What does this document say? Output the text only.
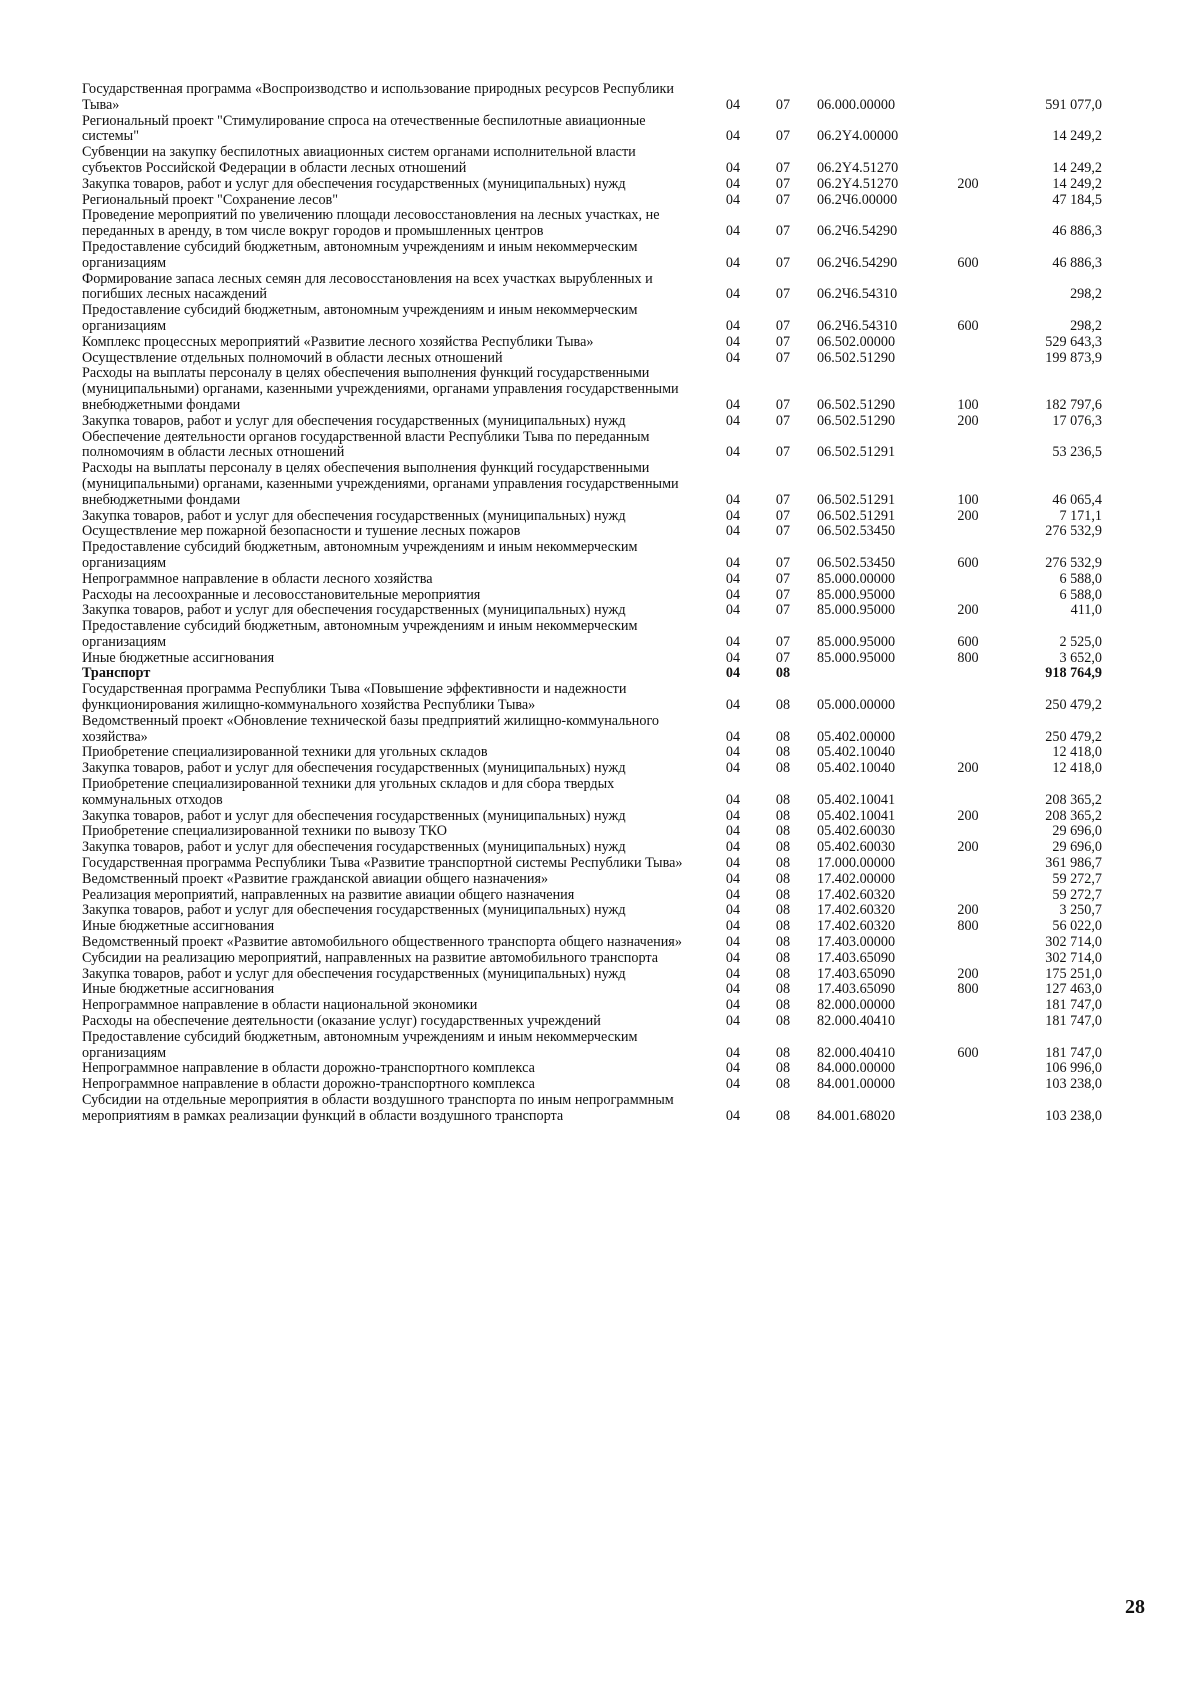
Государственная программа «Воспроизводство и использование природных ресурсов Республики Тыва»	04	07	06.000.00000		591 077,0
Региональный проект "Стимулирование спроса на отечественные беспилотные авиационные системы"	04	07	06.2Y4.00000		14 249,2
Субвенции на закупку беспилотных авиационных систем органами исполнительной власти субъектов Российской Федерации в области лесных отношений	04	07	06.2Y4.51270		14 249,2
Закупка товаров, работ и услуг для обеспечения государственных (муниципальных) нужд	04	07	06.2Y4.51270	200	14 249,2
Региональный проект "Сохранение лесов"	04	07	06.2Ч6.00000		47 184,5
Проведение мероприятий по увеличению площади лесовосстановления на лесных участках, не переданных в аренду, в том числе вокруг городов и промышленных центров	04	07	06.2Ч6.54290		46 886,3
Предоставление субсидий бюджетным, автономным учреждениям и иным некоммерческим организациям	04	07	06.2Ч6.54290	600	46 886,3
Формирование запаса лесных семян для лесовосстановления на всех участках вырубленных и погибших лесных насаждений	04	07	06.2Ч6.54310		298,2
Предоставление субсидий бюджетным, автономным учреждениям и иным некоммерческим организациям	04	07	06.2Ч6.54310	600	298,2
Комплекс процессных мероприятий «Развитие лесного хозяйства Республики Тыва»	04	07	06.502.00000		529 643,3
Осуществление отдельных полномочий в области лесных отношений	04	07	06.502.51290		199 873,9
Расходы на выплаты персоналу в целях обеспечения выполнения функций государственными (муниципальными) органами, казенными учреждениями, органами управления государственными внебюджетными фондами	04	07	06.502.51290	100	182 797,6
Закупка товаров, работ и услуг для обеспечения государственных (муниципальных) нужд	04	07	06.502.51290	200	17 076,3
Обеспечение деятельности органов государственной власти Республики Тыва по переданным полномочиям в области лесных отношений	04	07	06.502.51291		53 236,5
Расходы на выплаты персоналу в целях обеспечения выполнения функций государственными (муниципальными) органами, казенными учреждениями, органами управления государственными внебюджетными фондами	04	07	06.502.51291	100	46 065,4
Закупка товаров, работ и услуг для обеспечения государственных (муниципальных) нужд	04	07	06.502.51291	200	7 171,1
Осуществление мер пожарной безопасности и тушение лесных пожаров	04	07	06.502.53450		276 532,9
Предоставление субсидий бюджетным, автономным учреждениям и иным некоммерческим организациям	04	07	06.502.53450	600	276 532,9
Непрограммное направление в области лесного хозяйства	04	07	85.000.00000		6 588,0
Расходы на лесоохранные и лесовосстановительные мероприятия	04	07	85.000.95000		6 588,0
Закупка товаров, работ и услуг для обеспечения государственных (муниципальных) нужд	04	07	85.000.95000	200	411,0
Предоставление субсидий бюджетным, автономным учреждениям и иным некоммерческим организациям	04	07	85.000.95000	600	2 525,0
Иные бюджетные ассигнования	04	07	85.000.95000	800	3 652,0
Транспорт	04	08			918 764,9
Государственная программа Республики Тыва «Повышение эффективности и надежности функционирования жилищно-коммунального хозяйства Республики Тыва»	04	08	05.000.00000		250 479,2
Ведомственный проект «Обновление технической базы предприятий жилищно-коммунального хозяйства»	04	08	05.402.00000		250 479,2
Приобретение специализированной техники для угольных складов	04	08	05.402.10040		12 418,0
Закупка товаров, работ и услуг для обеспечения государственных (муниципальных) нужд	04	08	05.402.10040	200	12 418,0
Приобретение специализированной техники для угольных складов и для сбора твердых коммунальных отходов	04	08	05.402.10041		208 365,2
Закупка товаров, работ и услуг для обеспечения государственных (муниципальных) нужд	04	08	05.402.10041	200	208 365,2
Приобретение специализированной техники по вывозу ТКО	04	08	05.402.60030		29 696,0
Закупка товаров, работ и услуг для обеспечения государственных (муниципальных) нужд	04	08	05.402.60030	200	29 696,0
Государственная программа Республики Тыва «Развитие транспортной системы Республики Тыва»	04	08	17.000.00000		361 986,7
Ведомственный проект «Развитие гражданской авиации общего назначения»	04	08	17.402.00000		59 272,7
Реализация мероприятий, направленных на развитие авиации общего назначения	04	08	17.402.60320		59 272,7
Закупка товаров, работ и услуг для обеспечения государственных (муниципальных) нужд	04	08	17.402.60320	200	3 250,7
Иные бюджетные ассигнования	04	08	17.402.60320	800	56 022,0
Ведомственный проект «Развитие автомобильного общественного транспорта общего назначения»	04	08	17.403.00000		302 714,0
Субсидии на реализацию мероприятий, направленных на развитие автомобильного транспорта	04	08	17.403.65090		302 714,0
Закупка товаров, работ и услуг для обеспечения государственных (муниципальных) нужд	04	08	17.403.65090	200	175 251,0
Иные бюджетные ассигнования	04	08	17.403.65090	800	127 463,0
Непрограммное направление в области национальной экономики	04	08	82.000.00000		181 747,0
Расходы на обеспечение деятельности (оказание услуг) государственных учреждений	04	08	82.000.40410		181 747,0
Предоставление субсидий бюджетным, автономным учреждениям и иным некоммерческим организациям	04	08	82.000.40410	600	181 747,0
Непрограммное направление в области дорожно-транспортного комплекса	04	08	84.000.00000		106 996,0
Непрограммное направление в области дорожно-транспортного комплекса	04	08	84.001.00000		103 238,0
Субсидии на отдельные мероприятия в области воздушного транспорта по иным непрограммным мероприятиям в рамках реализации функций в области воздушного транспорта	04	08	84.001.68020		103 238,0
28
